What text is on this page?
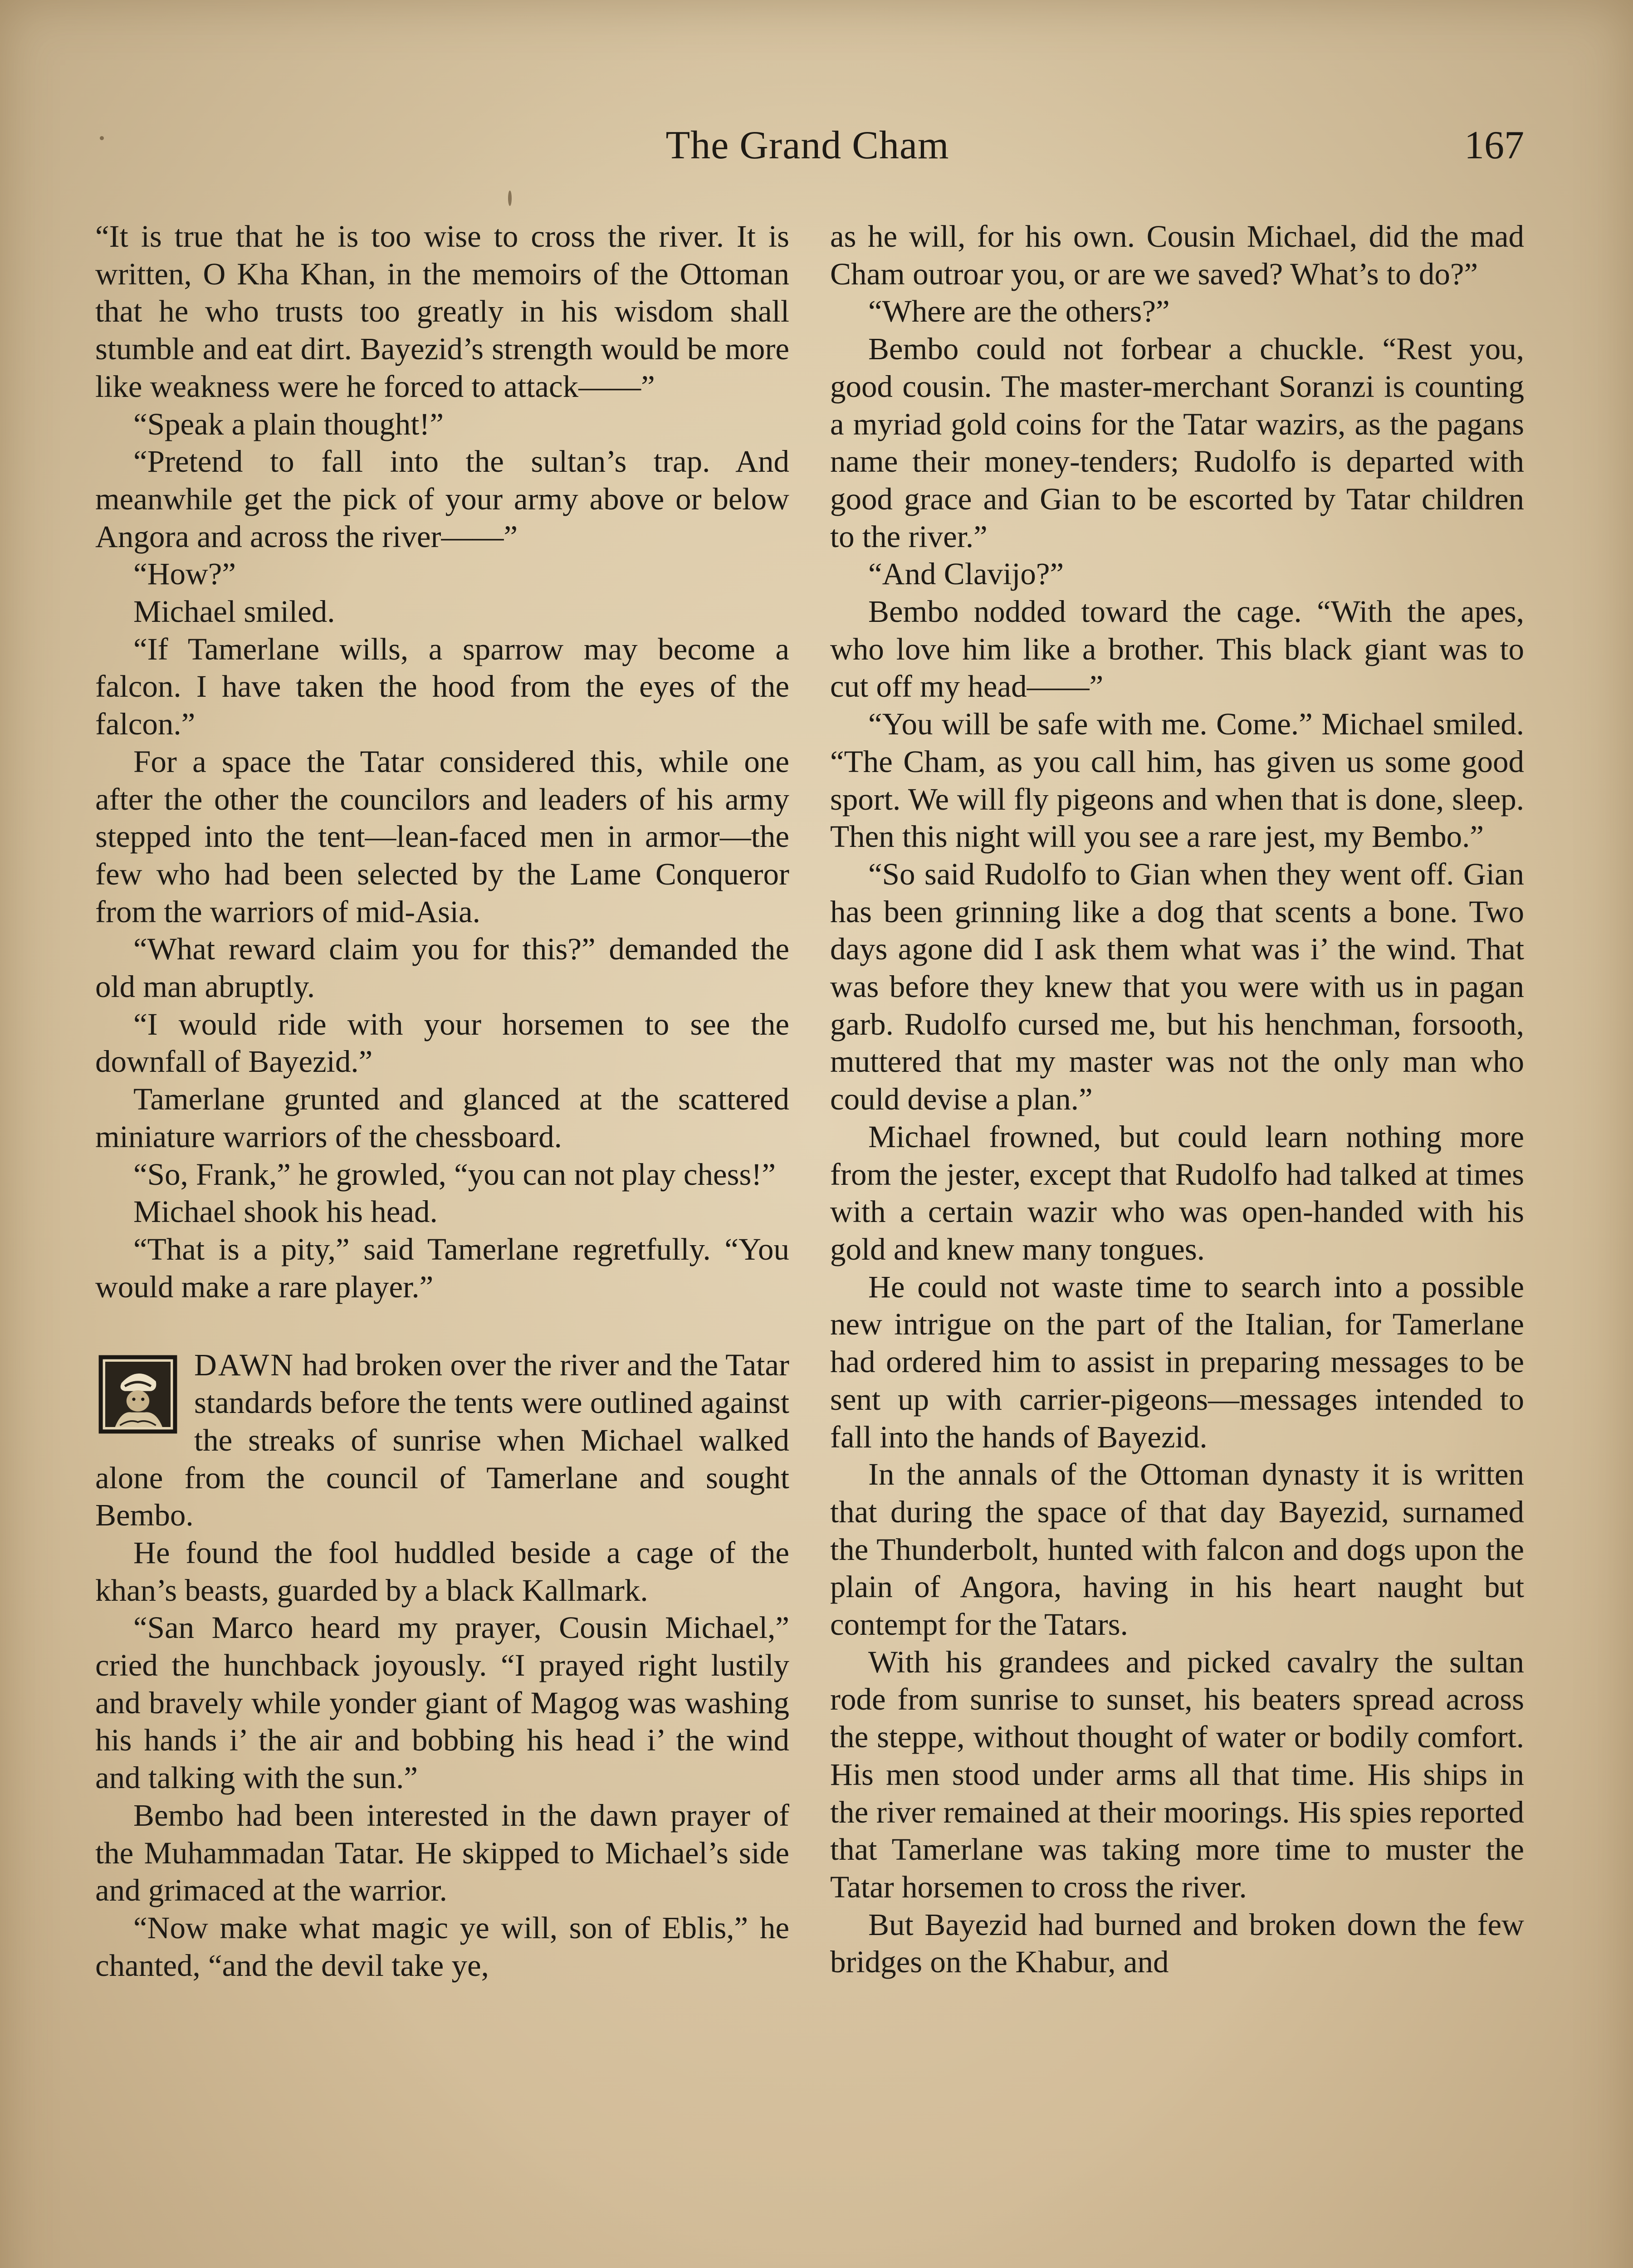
The Grand Cham	167

“It is true that he is too wise to cross the river. It is written, O Kha Khan, in the memoirs of the Ottoman that he who trusts too greatly in his wisdom shall stumble and eat dirt. Bayezid’s strength would be more like weakness were he forced to attack——”

“Speak a plain thought!”

“Pretend to fall into the sultan’s trap. And meanwhile get the pick of your army above or below Angora and across the river——”

“How?”

Michael smiled.

“If Tamerlane wills, a sparrow may become a falcon. I have taken the hood from the eyes of the falcon.”

For a space the Tatar considered this, while one after the other the councilors and leaders of his army stepped into the tent—lean-faced men in armor—the few who had been selected by the Lame Conqueror from the warriors of mid-Asia.

“What reward claim you for this?” demanded the old man abruptly.

“I would ride with your horsemen to see the downfall of Bayezid.”

Tamerlane grunted and glanced at the scattered miniature warriors of the chessboard.

“So, Frank,” he growled, “you can not play chess!”

Michael shook his head.

“That is a pity,” said Tamerlane regretfully. “You would make a rare player.”

DAWN had broken over the river and the Tatar standards before the tents were outlined against the streaks of sunrise when Michael walked alone from the council of Tamerlane and sought Bembo.

He found the fool huddled beside a cage of the khan’s beasts, guarded by a black Kallmark.

“San Marco heard my prayer, Cousin Michael,” cried the hunchback joyously. “I prayed right lustily and bravely while yonder giant of Magog was washing his hands i’ the air and bobbing his head i’ the wind and talking with the sun.”

Bembo had been interested in the dawn prayer of the Muhammadan Tatar. He skipped to Michael’s side and grimaced at the warrior.

“Now make what magic ye will, son of Eblis,” he chanted, “and the devil take ye,

as he will, for his own. Cousin Michael, did the mad Cham outroar you, or are we saved? What’s to do?”

“Where are the others?”

Bembo could not forbear a chuckle. “Rest you, good cousin. The master-merchant Soranzi is counting a myriad gold coins for the Tatar wazirs, as the pagans name their money-tenders; Rudolfo is departed with good grace and Gian to be escorted by Tatar children to the river.”

“And Clavijo?”

Bembo nodded toward the cage. “With the apes, who love him like a brother. This black giant was to cut off my head——”

“You will be safe with me. Come.” Michael smiled. “The Cham, as you call him, has given us some good sport. We will fly pigeons and when that is done, sleep. Then this night will you see a rare jest, my Bembo.”

“So said Rudolfo to Gian when they went off. Gian has been grinning like a dog that scents a bone. Two days agone did I ask them what was i’ the wind. That was before they knew that you were with us in pagan garb. Rudolfo cursed me, but his henchman, forsooth, muttered that my master was not the only man who could devise a plan.”

Michael frowned, but could learn nothing more from the jester, except that Rudolfo had talked at times with a certain wazir who was open-handed with his gold and knew many tongues.

He could not waste time to search into a possible new intrigue on the part of the Italian, for Tamerlane had ordered him to assist in preparing messages to be sent up with carrier-pigeons—messages intended to fall into the hands of Bayezid.

In the annals of the Ottoman dynasty it is written that during the space of that day Bayezid, surnamed the Thunderbolt, hunted with falcon and dogs upon the plain of Angora, having in his heart naught but contempt for the Tatars.

With his grandees and picked cavalry the sultan rode from sunrise to sunset, his beaters spread across the steppe, without thought of water or bodily comfort. His men stood under arms all that time. His ships in the river remained at their moorings. His spies reported that Tamerlane was taking more time to muster the Tatar horsemen to cross the river.

But Bayezid had burned and broken down the few bridges on the Khabur, and
